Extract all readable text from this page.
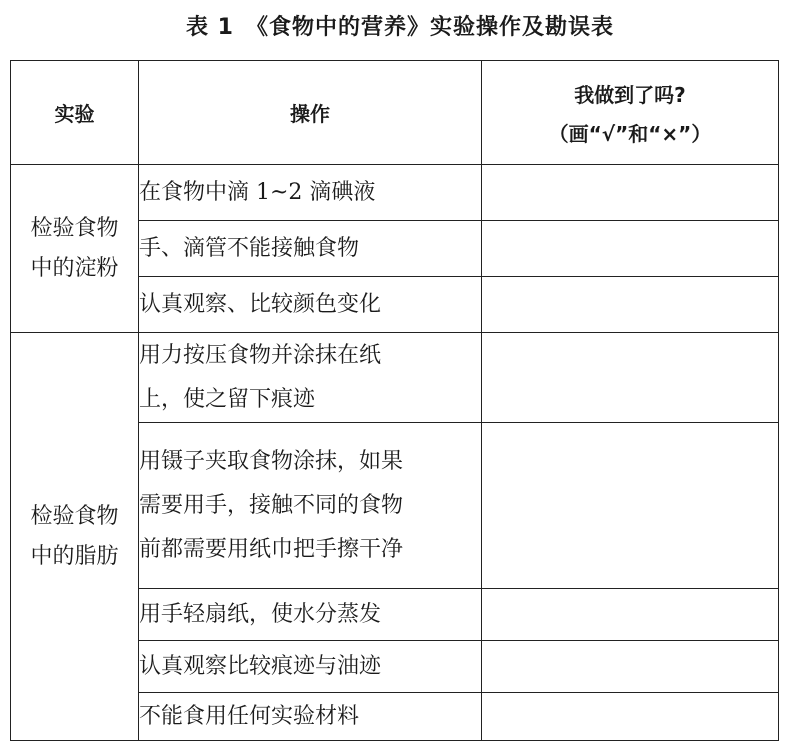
表 1　《食物中的营养》实验操作及勘误表
实验	操作	我做到了吗?
（画“√”和“×”）

检验食物
中的淀粉	在食物中滴 1~2 滴碘液	

	手、滴管不能接触食物	

	认真观察、比较颜色变化	

检验食物
中的脂肪	用力按压食物并涂抹在纸
上，使之留下痕迹	

	用镊子夹取食物涂抹，如果
需要用手，接触不同的食物
前都需要用纸巾把手擦干净	

	用手轻扇纸，使水分蒸发	

	认真观察比较痕迹与油迹	

	不能食用任何实验材料	
